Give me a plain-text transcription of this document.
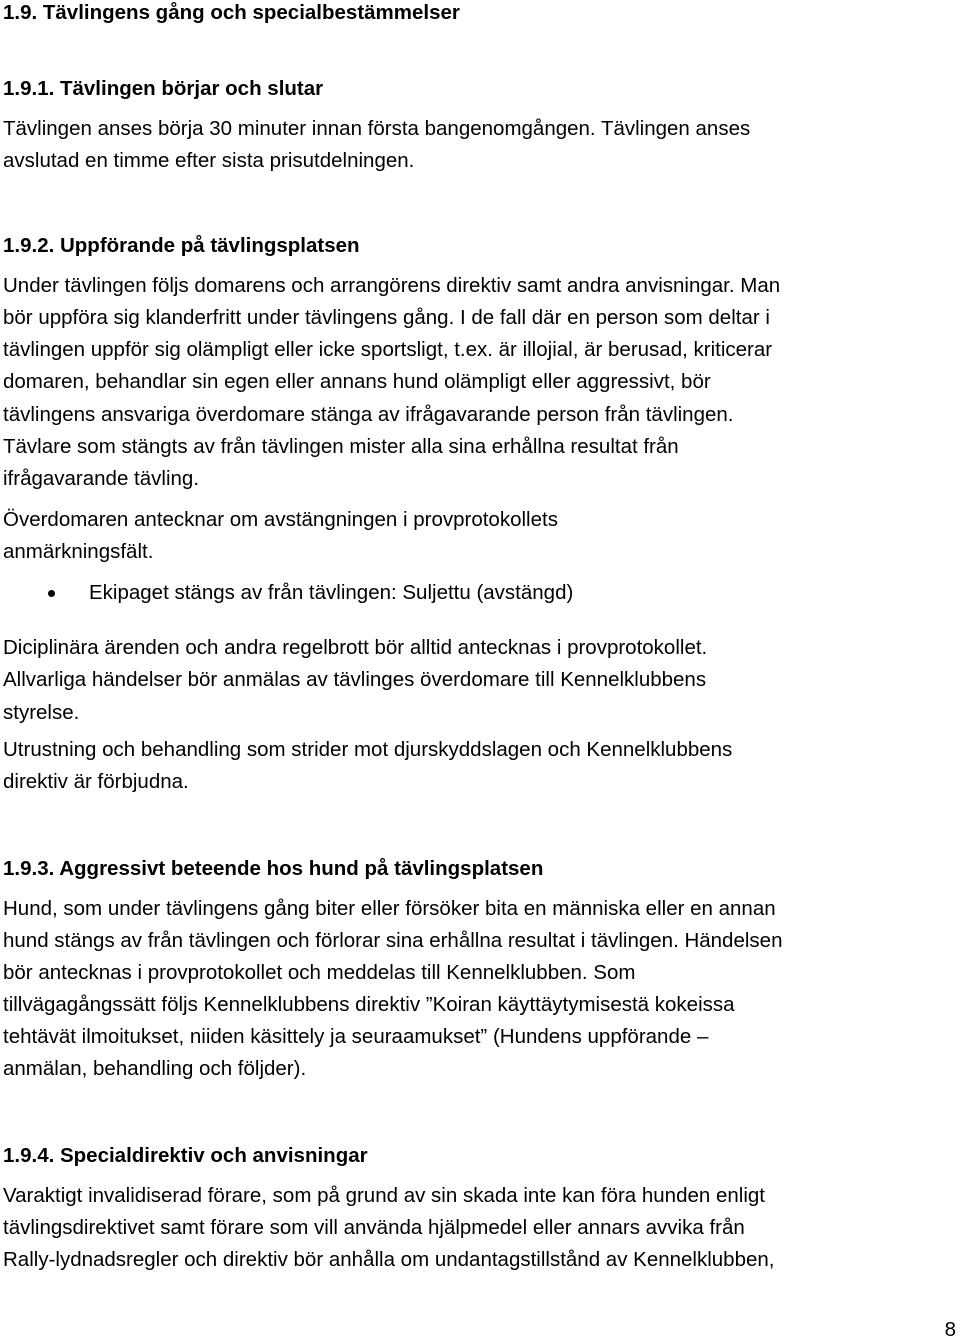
1.9. Tävlingens gång och specialbestämmelser
1.9.1. Tävlingen börjar och slutar
Tävlingen anses börja 30 minuter innan första bangenomgången. Tävlingen anses
avslutad en timme efter sista prisutdelningen.
1.9.2. Uppförande på tävlingsplatsen
Under tävlingen följs domarens och arrangörens direktiv samt andra anvisningar. Man
bör uppföra sig klanderfritt under tävlingens gång. I de fall där en person som deltar i
tävlingen uppför sig olämpligt eller icke sportsligt, t.ex. är illojial, är berusad, kriticerar
domaren, behandlar sin egen eller annans hund olämpligt eller aggressivt, bör
tävlingens ansvariga överdomare stänga av ifrågavarande person från tävlingen.
Tävlare som stängts av från tävlingen mister alla sina erhållna resultat från
ifrågavarande tävling.
Överdomaren antecknar om avstängningen i provprotokollets
anmärkningsfält.
Ekipaget stängs av från tävlingen: Suljettu (avstängd)
Diciplinära ärenden och andra regelbrott bör alltid antecknas i provprotokollet.
Allvarliga händelser bör anmälas av tävlinges överdomare till Kennelklubbens
styrelse.
Utrustning och behandling som strider mot djurskyddslagen och Kennelklubbens
direktiv är förbjudna.
1.9.3. Aggressivt beteende hos hund på tävlingsplatsen
Hund, som under tävlingens gång biter eller försöker bita en människa eller en annan
hund stängs av från tävlingen och förlorar sina erhållna resultat i tävlingen. Händelsen
bör antecknas i provprotokollet och meddelas till Kennelklubben. Som
tillvägagångssätt följs Kennelklubbens direktiv ”Koiran käyttäytymisestä kokeissa
tehtävät ilmoitukset, niiden käsittely ja seuraamukset” (Hundens uppförande –
anmälan, behandling och följder).
1.9.4. Specialdirektiv och anvisningar
Varaktigt invalidiserad förare, som på grund av sin skada inte kan föra hunden enligt
tävlingsdirektivet samt förare som vill använda hjälpmedel eller annars avvika från
Rally-lydnadsregler och direktiv bör anhålla om undantagstillstånd av Kennelklubben,
8
